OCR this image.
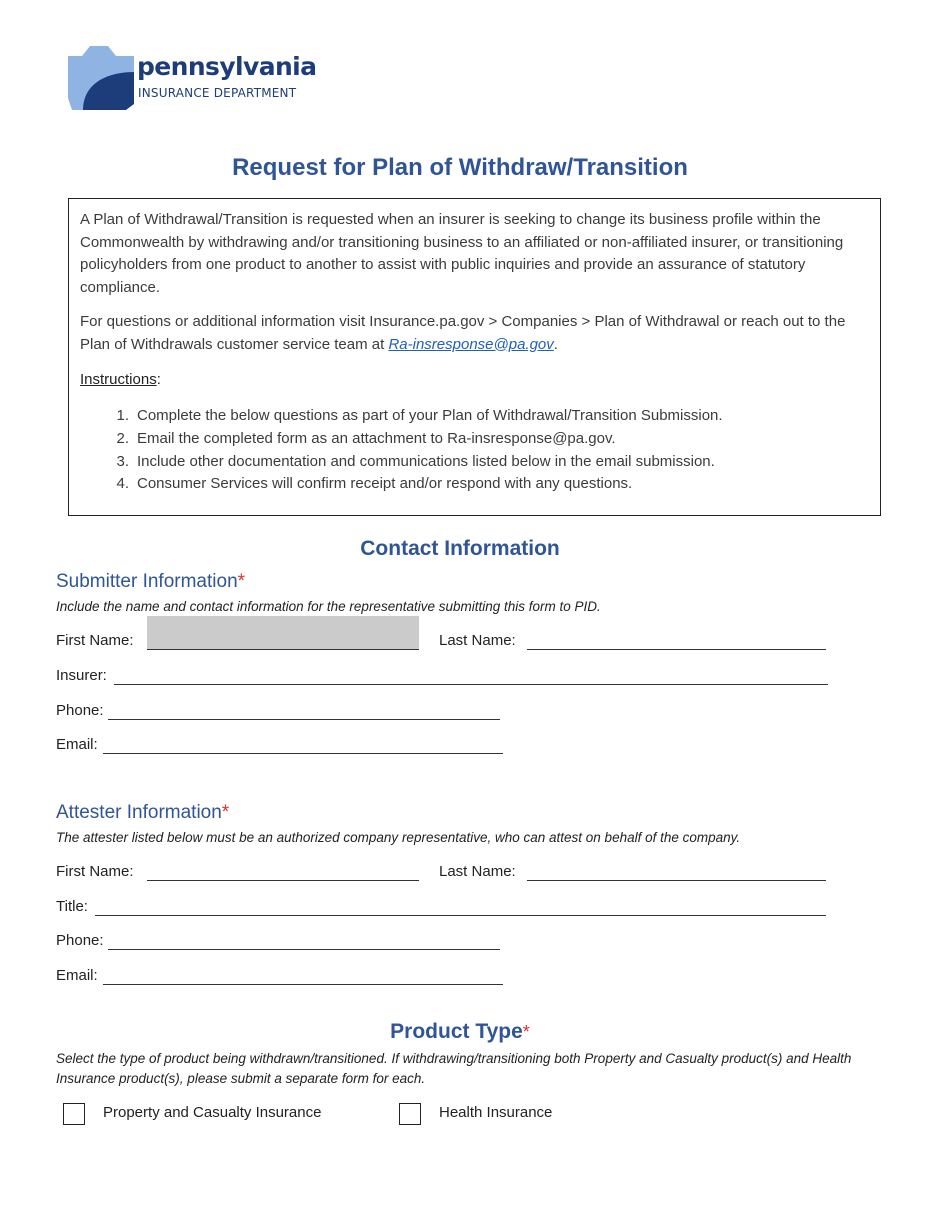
pennsylvania
INSURANCE DEPARTMENT
Request for Plan of Withdraw/Transition
A Plan of Withdrawal/Transition is requested when an insurer is seeking to change its business profile within the Commonwealth by withdrawing and/or transitioning business to an affiliated or non-affiliated insurer, or transitioning policyholders from one product to another to assist with public inquiries and provide an assurance of statutory compliance.
For questions or additional information visit Insurance.pa.gov > Companies > Plan of Withdrawal or reach out to the Plan of Withdrawals customer service team at Ra-insresponse@pa.gov.
Instructions:
1. Complete the below questions as part of your Plan of Withdrawal/Transition Submission.
2. Email the completed form as an attachment to Ra-insresponse@pa.gov.
3. Include other documentation and communications listed below in the email submission.
4. Consumer Services will confirm receipt and/or respond with any questions.
Contact Information
Submitter Information*
Include the name and contact information for the representative submitting this form to PID.
First Name:	Last Name:
Insurer:
Phone:
Email:
Attester Information*
The attester listed below must be an authorized company representative, who can attest on behalf of the company.
First Name:	Last Name:
Title:
Phone:
Email:
Product Type*
Select the type of product being withdrawn/transitioned. If withdrawing/transitioning both Property and Casualty product(s) and Health Insurance product(s), please submit a separate form for each.
Property and Casualty Insurance	Health Insurance
